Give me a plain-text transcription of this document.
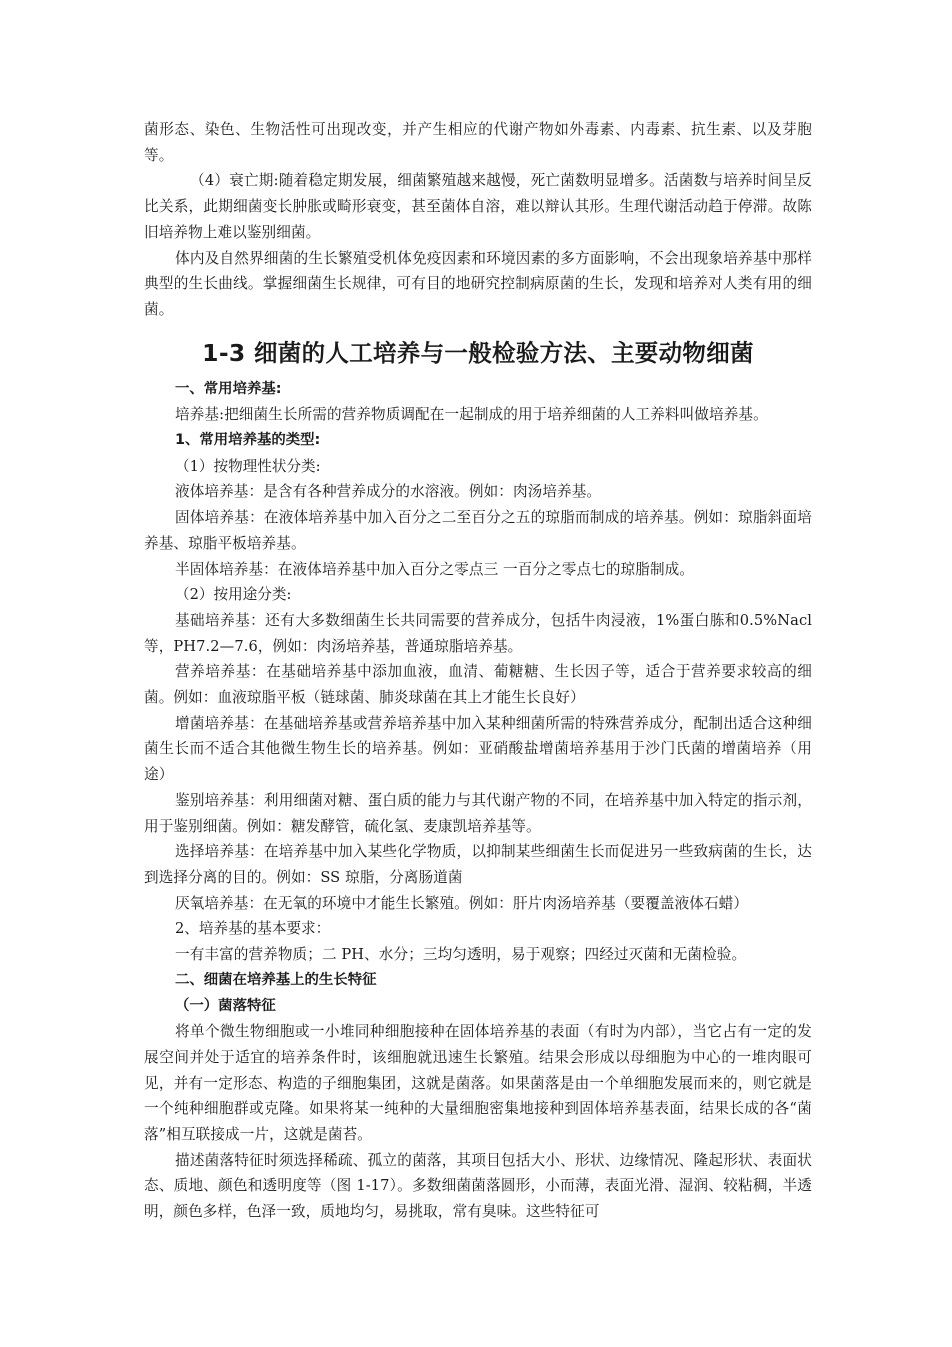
菌形态、染色、生物活性可出现改变，并产生相应的代谢产物如外毒素、内毒素、抗生素、以及芽胞等。

（4）衰亡期:随着稳定期发展，细菌繁殖越来越慢，死亡菌数明显增多。活菌数与培养时间呈反比关系，此期细菌变长肿胀或畸形衰变，甚至菌体自溶，难以辩认其形。生理代谢活动趋于停滞。故陈旧培养物上难以鉴别细菌。

体内及自然界细菌的生长繁殖受机体免疫因素和环境因素的多方面影响，不会出现象培养基中那样典型的生长曲线。掌握细菌生长规律，可有目的地研究控制病原菌的生长，发现和培养对人类有用的细菌。

1-3 细菌的人工培养与一般检验方法、主要动物细菌

一、常用培养基:

培养基:把细菌生长所需的营养物质调配在一起制成的用于培养细菌的人工养料叫做培养基。

1、常用培养基的类型:

（1）按物理性状分类:

液体培养基：是含有各种营养成分的水溶液。例如：肉汤培养基。

固体培养基：在液体培养基中加入百分之二至百分之五的琼脂而制成的培养基。例如：琼脂斜面培养基、琼脂平板培养基。

半固体培养基：在液体培养基中加入百分之零点三 一百分之零点七的琼脂制成。

（2）按用途分类:

基础培养基：还有大多数细菌生长共同需要的营养成分，包括牛肉浸液，1%蛋白胨和0.5%Nacl 等，PH7.2—7.6，例如：肉汤培养基，普通琼脂培养基。

营养培养基：在基础培养基中添加血液，血清、葡糖糖、生长因子等，适合于营养要求较高的细菌。例如：血液琼脂平板（链球菌、肺炎球菌在其上才能生长良好）

增菌培养基：在基础培养基或营养培养基中加入某种细菌所需的特殊营养成分，配制出适合这种细菌生长而不适合其他微生物生长的培养基。例如：亚硝酸盐增菌培养基用于沙门氏菌的增菌培养（用途）

鉴别培养基：利用细菌对糖、蛋白质的能力与其代谢产物的不同，在培养基中加入特定的指示剂，用于鉴别细菌。例如：糖发酵管，硫化氢、麦康凯培养基等。

选择培养基：在培养基中加入某些化学物质，以抑制某些细菌生长而促进另一些致病菌的生长，达到选择分离的目的。例如：SS 琼脂，分离肠道菌

厌氧培养基：在无氧的环境中才能生长繁殖。例如：肝片肉汤培养基（要覆盖液体石蜡）

2、培养基的基本要求：

一有丰富的营养物质；二 PH、水分；三均匀透明，易于观察；四经过灭菌和无菌检验。

二、细菌在培养基上的生长特征

（一）菌落特征

将单个微生物细胞或一小堆同种细胞接种在固体培养基的表面（有时为内部），当它占有一定的发展空间并处于适宜的培养条件时，该细胞就迅速生长繁殖。结果会形成以母细胞为中心的一堆肉眼可见，并有一定形态、构造的子细胞集团，这就是菌落。如果菌落是由一个单细胞发展而来的，则它就是一个纯种细胞群或克隆。如果将某一纯种的大量细胞密集地接种到固体培养基表面，结果长成的各“菌落”相互联接成一片，这就是菌苔。

描述菌落特征时须选择稀疏、孤立的菌落，其项目包括大小、形状、边缘情况、隆起形状、表面状态、质地、颜色和透明度等（图 1-17）。多数细菌菌落圆形，小而薄，表面光滑、湿润、较粘稠，半透明，颜色多样，色泽一致，质地均匀，易挑取，常有臭味。这些特征可
